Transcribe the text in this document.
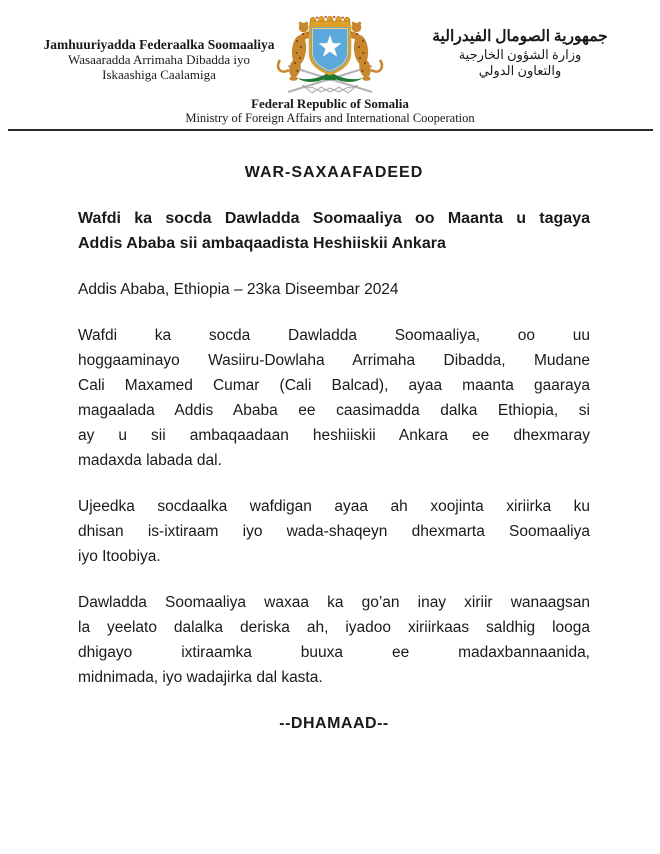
Jamhuuriyadda Federaalka Soomaaliya
Wasaaradda Arrimaha Dibadda iyo
Iskaashiga Caalamiga
جمهورية الصومال الفيدرالية
وزارة الشؤون الخارجية
والتعاون الدولي
Federal Republic of Somalia
Ministry of Foreign Affairs and International Cooperation
WAR-SAXAAFADEED
Wafdi ka socda Dawladda Soomaaliya oo Maanta u tagaya
Addis Ababa sii ambaqaadista Heshiiskii Ankara
Addis Ababa, Ethiopia – 23ka Diseembar 2024
Wafdi ka socda Dawladda Soomaaliya, oo uu
hoggaaminayo Wasiiru-Dowlaha Arrimaha Dibadda, Mudane
Cali Maxamed Cumar (Cali Balcad), ayaa maanta gaaraya
magaalada Addis Ababa ee caasimadda dalka Ethiopia, si
ay u sii ambaqaadaan heshiiskii Ankara ee dhexmaray
madaxda labada dal.
Ujeedka socdaalka wafdigan ayaa ah xoojinta xiriirka ku
dhisan is-ixtiraam iyo wada-shaqeyn dhexmarta Soomaaliya
iyo Itoobiya.
Dawladda Soomaaliya waxaa ka go’an inay xiriir wanaagsan
la yeelato dalalka deriska ah, iyadoo xiriirkaas saldhig looga
dhigayo ixtiraamka buuxa ee madaxbannaanida,
midnimada, iyo wadajirka dal kasta.
--DHAMAAD--
